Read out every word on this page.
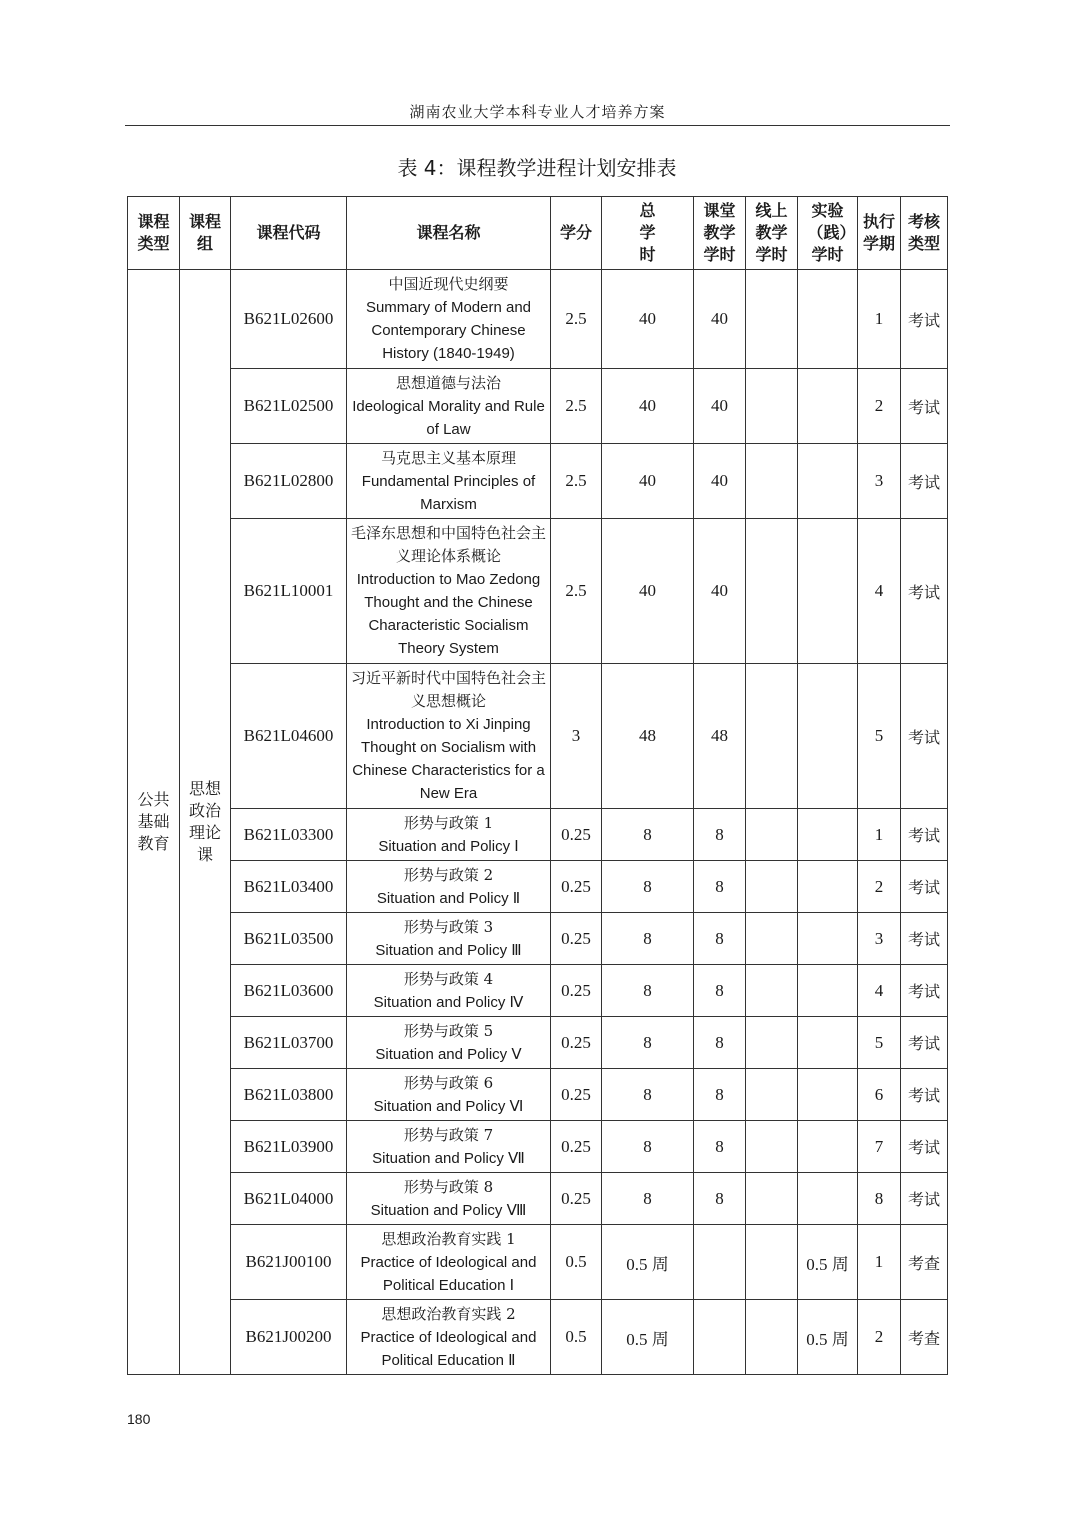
湖南农业大学本科专业人才培养方案
表 4：课程教学进程计划安排表
课程类型	课程组	课程代码	课程名称	学分	总学时	课堂教学学时	线上教学学时	实验（践）学时	执行学期	考核类型
公共基础教育	思想政治理论课	B621L02600	中国近现代史纲要
Summary of Modern and Contemporary Chinese History (1840-1949)	2.5	40	40			1	考试
		B621L02500	思想道德与法治
Ideological Morality and Rule of Law	2.5	40	40			2	考试
		B621L02800	马克思主义基本原理
Fundamental Principles of Marxism	2.5	40	40			3	考试
		B621L10001	毛泽东思想和中国特色社会主义理论体系概论
Introduction to Mao Zedong Thought and the Chinese Characteristic Socialism Theory System	2.5	40	40			4	考试
		B621L04600	习近平新时代中国特色社会主义思想概论
Introduction to Xi Jinping Thought on Socialism with Chinese Characteristics for a New Era	3	48	48			5	考试
		B621L03300	形势与政策 1
Situation and Policy Ⅰ	0.25	8	8			1	考试
		B621L03400	形势与政策 2
Situation and Policy Ⅱ	0.25	8	8			2	考试
		B621L03500	形势与政策 3
Situation and Policy Ⅲ	0.25	8	8			3	考试
		B621L03600	形势与政策 4
Situation and Policy Ⅳ	0.25	8	8			4	考试
		B621L03700	形势与政策 5
Situation and Policy Ⅴ	0.25	8	8			5	考试
		B621L03800	形势与政策 6
Situation and Policy Ⅵ	0.25	8	8			6	考试
		B621L03900	形势与政策 7
Situation and Policy Ⅶ	0.25	8	8			7	考试
		B621L04000	形势与政策 8
Situation and Policy Ⅷ	0.25	8	8			8	考试
		B621J00100	思想政治教育实践 1
Practice of Ideological and Political Education Ⅰ	0.5	0.5 周			0.5 周	1	考查
		B621J00200	思想政治教育实践 2
Practice of Ideological and Political Education Ⅱ	0.5	0.5 周			0.5 周	2	考查
180
